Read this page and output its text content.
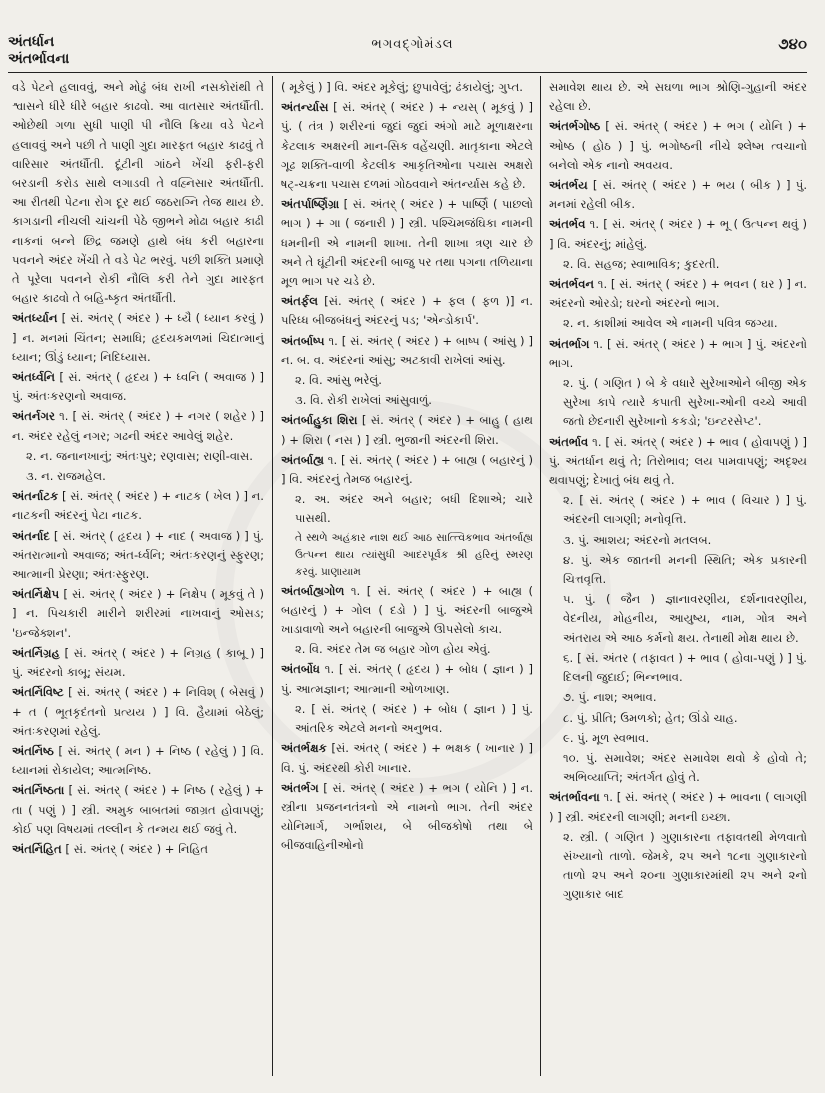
અંતર્ધાન
અંતર્ભાવના
ભગવદ્ગોમંડલ	૭૪૦
વડે પેટને હલાવવું, અને મોઢું બંધ રાખી નસકોરાંથી તે શ્વાસને ધીરે ધીરે બહાર કાઢવો. આ વાતસાર અંતર્ધૌતી. ઓછેથી ગળા સુધી પાણી પી નૌલિ ક્રિયા વડે પેટને હલાવવું અને પછી તે પાણી ગુદા મારફત બહાર કાઢવું તે વારિસાર અંતર્ધૌતી. દૂંટીની ગાંઠને ખેંચી ફરી-ફરી બરડાની કરોડ સાથે લગાડવી તે વહ્નિસાર અંતર્ધૌતી. આ રીતથી પેટના રોગ દૂર થઈ જઠરાગ્નિ તેજ થાય છે. કાગડાની નીચલી ચાંચની પેઠે જીભને મોઢા બહાર કાઢી નાકનાં બન્ને છિદ્ર જમણે હાથે બંધ કરી બહારના પવનને અંદર ખેંચી તે વડે પેટ ભરવું. પછી શક્તિ પ્રમાણે તે પૂરેલા પવનને રોકી નૌલિ કરી તેને ગુદા મારફત બહાર કાઢવો તે બહિ-ષ્કૃત અંતર્ધૌતી.
અંતર્ધ્યાન [ સં. અંતર્ ( અંદર ) + ધ્યૈ ( ધ્યાન કરવું ) ] ન. મનમાં ચિંતન; સમાધિ; હૃદયકમળમાં ચિદાત્માનું ધ્યાન; ઊંડું ધ્યાન; નિદિધ્યાસ.
અંતર્ધ્વનિ [ સં. અંતર્ ( હૃદય ) + ધ્વનિ ( અવાજ ) ] પું. અંતઃકરણનો અવાજ.
અંતર્નગર ૧. [ સં. અંતર્ ( અંદર ) + નગર ( શહેર ) ] ન. અંદર રહેલું નગર; ગઢની અંદર આવેલું શહેર.
૨. ન. જનાનખાનું; અંતઃપુર; રણવાસ; રાણી-વાસ.
૩. ન. રાજમહેલ.
અંતર્નાટક [ સં. અંતર્ ( અંદર ) + નાટક ( ખેલ ) ] ન. નાટકની અંદરનું પેટા નાટક.
અંતર્નાદ [ સં. અંતર્ ( હૃદય ) + નાદ ( અવાજ ) ] પું. અંતરાત્માનો અવાજ; અંત-ર્ધ્વનિ; અંતઃકરણનું સ્ફુરણ; આત્માની પ્રેરણા; અંતઃસ્ફુરણ.
અંતર્નિક્ષેપ [ સં. અંતર્ ( અંદર ) + નિક્ષેપ ( મૂકવું તે ) ] ન. પિચકારી મારીને શરીરમાં નાખવાનું ઓસડ; 'ઇન્જેક્શન'.
અંતર્નિગ્રહ [ સં. અંતર્ ( અંદર ) + નિગ્રહ ( કાબૂ ) ] પું. અંદરનો કાબૂ; સંયમ.
અંતર્નિવિષ્ટ [ સં. અંતર્ ( અંદર ) + નિવિશ્ ( બેસવું ) + ત ( ભૂતકૃદંતનો પ્રત્યય ) ] વિ. હૈયામાં બેઠેલું; અંતઃકરણમાં રહેલું.
અંતર્નિષ્ઠ [ સં. અંતર્ ( મન ) + નિષ્ઠ ( રહેલું ) ] વિ. ધ્યાનમાં રોકાયેલ; આત્મનિષ્ઠ.
અંતર્નિષ્ઠતા [ સં. અંતર્ ( અંદર ) + નિષ્ઠ ( રહેલું ) + તા ( પણું ) ] સ્ત્રી. અમુક બાબતમાં જાગ્રત હોવાપણું; કોઈ પણ વિષયમાં તલ્લીન કે તન્મય થઈ જવું તે.
અંતર્નિહિત [ સં. અંતર્ ( અંદર ) + નિહિત
( મૂકેલું ) ] વિ. અંદર મૂકેલું; છુપાવેલું; ઢંકાયેલું; ગુપ્ત.
અંતર્ન્યાસ [ સં. અંતર્ ( અંદર ) + ન્યસ્ ( મૂકવું ) ] પું. ( તંત્ર ) શરીરનાં જુદાં જુદાં અંગો માટે મૂળાક્ષરના કેટલાક અક્ષરની માન-સિક વહેંચણી. માતૃકાના એટલે ગૂઢ શક્તિ-વાળી કેટલીક આકૃતિઓના પચાસ અક્ષરો ષટ્-ચક્રના પચાસ દળમાં ગોઠવવાને અંતર્ન્યાસ કહે છે.
અંતર્પાર્ષ્ણિગ્રા [ સં. અંતર્ ( અંદર ) + પાર્ષ્ણિ ( પાછલો ભાગ ) + ગા ( જનારી ) ] સ્ત્રી. પશ્ચિમજંઘિકા નામની ધમનીની એ નામની શાખા. તેની શાખા ત્રણ ચાર છે અને તે ઘૂંટીની અંદરની બાજુ પર તથા પગના તળિયાના મૂળ ભાગ પર ચડે છે.
અંતર્ફલ [સં. અંતર્ ( અંદર ) + ફલ ( ફળ )] ન. પરિધ્ધ બીજબંધનું અંદરનું પડ; 'એન્ડોકાર્પ'.
અંતર્બાષ્પ ૧. [ સં. અંતર્ ( અંદર ) + બાષ્પ ( આંસુ ) ] ન. બ. વ. અંદરનાં આંસુ; અટકાવી રાખેલાં આંસુ.
૨. વિ. આંસુ ભરેલું.
૩. વિ. રોકી રાખેલાં આંસુવાળું.
અંતર્બાહુકા શિરા [ સં. અંતર્ ( અંદર ) + બાહુ ( હાથ ) + શિરા ( નસ ) ] સ્ત્રી. ભુજાની અંદરની શિરા.
અંતર્બાહ્ય ૧. [ સં. અંતર્ ( અંદર ) + બાહ્ય ( બહારનું ) ] વિ. અંદરનું તેમજ બહારનું.
૨. અ. અંદર અને બહાર; બધી દિશાએ; ચારે પાસથી.
તે સ્થળે અહંકાર નાશ થઈ આઠ સાત્ત્વિકભાવ અંતર્બાહ્ય ઉત્પન્ન થાય ત્યાંસુધી આદરપૂર્વક શ્રી હરિનું સ્મરણ કરવું. પ્રાણાયામ
અંતર્બાહ્યગોળ ૧. [ સં. અંતર્ ( અંદર ) + બાહ્ય ( બહારનું ) + ગોલ ( દડો ) ] પું. અંદરની બાજુએ ખાડાવાળો અને બહારની બાજુએ ઊપસેલો કાચ.
૨. વિ. અંદર તેમ જ બહાર ગોળ હોય એવું.
અંતર્બોધ ૧. [ સં. અંતર્ ( હૃદય ) + બોધ ( જ્ઞાન ) ] પું. આત્મજ્ઞાન; આત્માની ઓળખાણ.
૨. [ સં. અંતર્ ( અંદર ) + બોધ ( જ્ઞાન ) ] પું. આંતરિક એટલે મનનો અનુભવ.
અંતર્ભક્ષક [સં. અંતર્ ( અંદર ) + ભક્ષક ( ખાનાર ) ] વિ. પું. અંદરથી કોરી ખાનાર.
અંતર્ભગ [ સં. અંતર્ ( અંદર ) + ભગ ( યોનિ ) ] ન. સ્ત્રીના પ્રજનનતંત્રનો એ નામનો ભાગ. તેની અંદર યોનિમાર્ગ, ગર્ભાશય, બે બીજકોષો તથા બે બીજવાહિનીઓનો
સમાવેશ થાય છે. એ સઘળા ભાગ શ્રોણિ-ગુહાની અંદર રહેલા છે.
અંતર્ભગોષ્ઠ [ સં. અંતર્ ( અંદર ) + ભગ ( યોનિ ) + ઓષ્ઠ ( હોઠ ) ] પું. ભગોષ્ઠની નીચે શ્લેષ્મ ત્વચાનો બનેલો એક નાનો અવયવ.
અંતર્ભય [ સં. અંતર્ ( અંદર ) + ભય ( બીક ) ] પું. મનમાં રહેલી બીક.
અંતર્ભવ ૧. [ સં. અંતર્ ( અંદર ) + ભૂ ( ઉત્પન્ન થવું ) ] વિ. અંદરનું; માંહેલું.
૨. વિ. સહજ; સ્વાભાવિક; કુદરતી.
અંતર્ભવન ૧. [ સં. અંતર્ ( અંદર ) + ભવન ( ઘર ) ] ન. અંદરનો ઓરડો; ઘરનો અંદરનો ભાગ.
૨. ન. કાશીમાં આવેલ એ નામની પવિત્ર જગ્યા.
અંતર્ભાગ ૧. [ સં. અંતર્ ( અંદર ) + ભાગ ] પું. અંદરનો ભાગ.
૨. પું. ( ગણિત ) બે કે વધારે સુરેખાઓને બીજી એક સુરેખા કાપે ત્યારે કપાતી સુરેખા-ઓની વચ્ચે આવી જતો છેદનારી સુરેખાનો કકડો; 'ઇન્ટરસેપ્ટ'.
અંતર્ભાવ ૧. [ સં. અંતર્ ( અંદર ) + ભાવ ( હોવાપણું ) ] પું. અંતર્ધાન થવું તે; તિરોભાવ; લય પામવાપણું; અદૃશ્ય થવાપણું; દેખાતું બંધ થવું તે.
૨. [ સં. અંતર્ ( અંદર ) + ભાવ ( વિચાર ) ] પું. અંદરની લાગણી; મનોવૃત્તિ.
૩. પું. આશય; અંદરનો મતલબ.
૪. પું. એક જાતની મનની સ્થિતિ; એક પ્રકારની ચિત્તવૃત્તિ.
૫. પું. ( જૈન ) જ્ઞાનાવરણીય, દર્શનાવરણીય, વેદનીય, મોહનીય, આયુષ્ય, નામ, ગોત્ર અને અંતરાય એ આઠ કર્મનો ક્ષય. તેનાથી મોક્ષ થાય છે.
૬. [ સં. અંતર ( તફાવત ) + ભાવ ( હોવા-પણું ) ] પું. દિલની જુદાઈ; ભિન્નભાવ.
૭. પું. નાશ; અભાવ.
૮. પું. પ્રીતિ; ઉમળકો; હેત; ઊંડો ચાહ.
૯. પું. મૂળ સ્વભાવ.
૧૦. પું. સમાવેશ; અંદર સમાવેશ થવો કે હોવો તે; અભિવ્યાપ્તિ; અંતર્ગત હોવું તે.
અંતર્ભાવના ૧. [ સં. અંતર્ ( અંદર ) + ભાવના ( લાગણી ) ] સ્ત્રી. અંદરની લાગણી; મનની ઇચ્છા.
૨. સ્ત્રી. ( ગણિત ) ગુણાકારના તફાવતથી મેળવાતો સંખ્યાનો તાળો. જેમકે, ૨૫ અને ૧૮ના ગુણાકારનો તાળો ૨૫ અને ૨૦ના ગુણાકારમાંથી ૨૫ અને ૨નો ગુણાકાર બાદ
